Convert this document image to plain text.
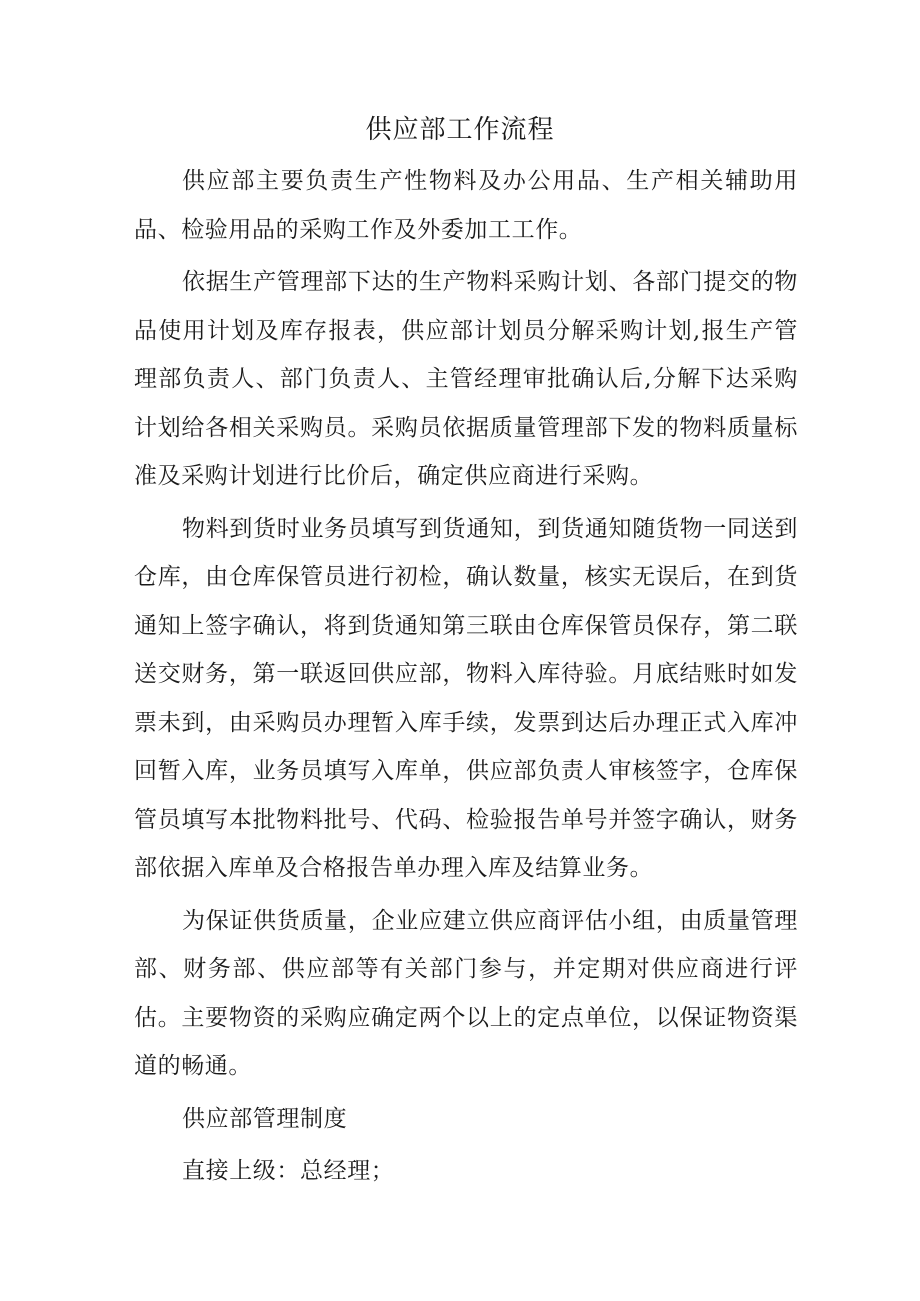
供应部工作流程

供应部主要负责生产性物料及办公用品、生产相关辅助用品、检验用品的采购工作及外委加工工作。

依据生产管理部下达的生产物料采购计划、各部门提交的物品使用计划及库存报表，供应部计划员分解采购计划,报生产管理部负责人、部门负责人、主管经理审批确认后,分解下达采购计划给各相关采购员。采购员依据质量管理部下发的物料质量标准及采购计划进行比价后，确定供应商进行采购。

物料到货时业务员填写到货通知，到货通知随货物一同送到仓库，由仓库保管员进行初检，确认数量，核实无误后，在到货通知上签字确认，将到货通知第三联由仓库保管员保存，第二联送交财务，第一联返回供应部，物料入库待验。月底结账时如发票未到，由采购员办理暂入库手续，发票到达后办理正式入库冲回暂入库，业务员填写入库单，供应部负责人审核签字，仓库保管员填写本批物料批号、代码、检验报告单号并签字确认，财务部依据入库单及合格报告单办理入库及结算业务。

为保证供货质量，企业应建立供应商评估小组，由质量管理部、财务部、供应部等有关部门参与，并定期对供应商进行评估。主要物资的采购应确定两个以上的定点单位，以保证物资渠道的畅通。

供应部管理制度

直接上级：总经理；
